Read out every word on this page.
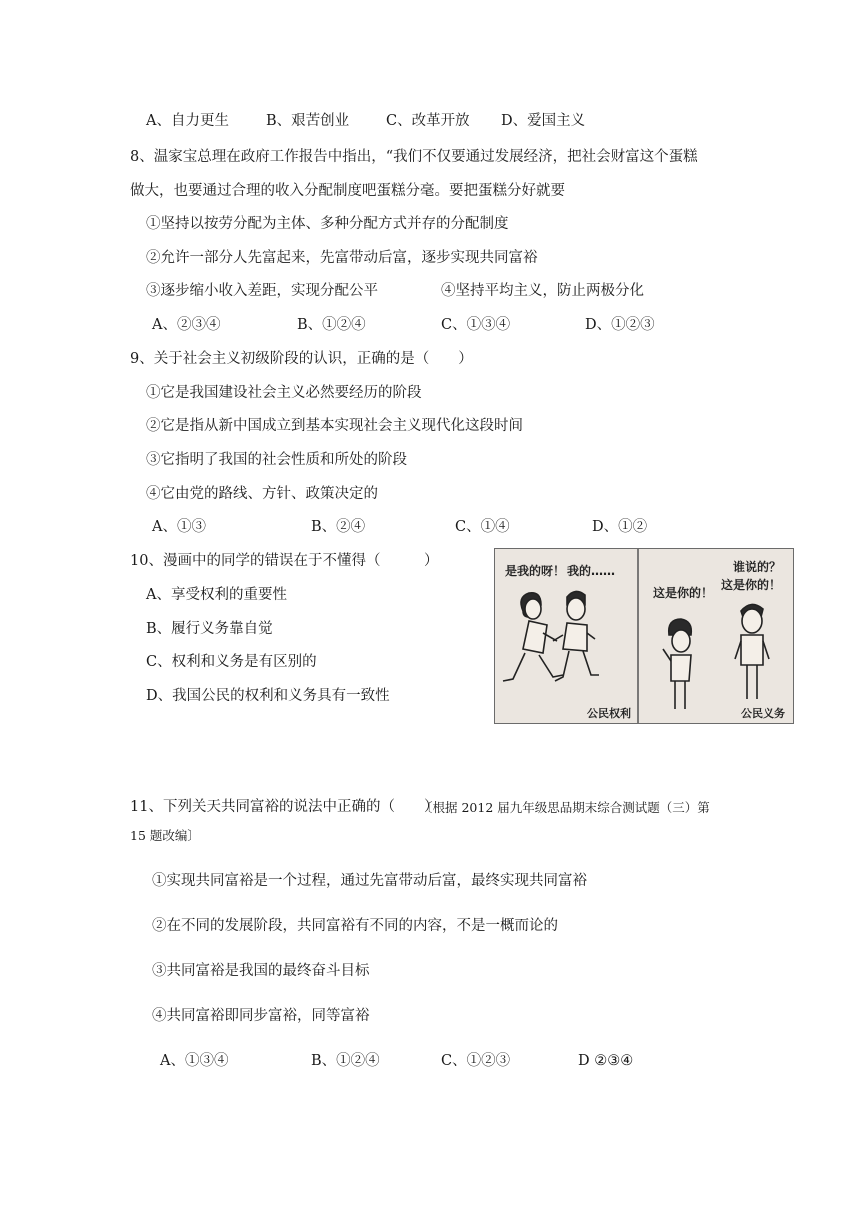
A、自力更生	B、艰苦创业	C、改革开放 D、爱国主义
8、温家宝总理在政府工作报告中指出，“我们不仅要通过发展经济，把社会财富这个蛋糕
做大，也要通过合理的收入分配制度吧蛋糕分毫。要把蛋糕分好就要
①坚持以按劳分配为主体、多种分配方式并存的分配制度
②允许一部分人先富起来，先富带动后富，逐步实现共同富裕
③逐步缩小收入差距，实现分配公平	④坚持平均主义，防止两极分化
A、②③④	B、①②④	C、①③④	D、①②③
9、关于社会主义初级阶段的认识，正确的是（　　）
①它是我国建设社会主义必然要经历的阶段
②它是指从新中国成立到基本实现社会主义现代化这段时间
③它指明了我国的社会性质和所处的阶段
④它由党的路线、方针、政策决定的
A、①③	B、②④	C、①④	D、①②
10、漫画中的同学的错误在于不懂得（　　　）
A、享受权利的重要性
B、履行义务靠自觉
C、权利和义务是有区别的
D、我国公民的权利和义务具有一致性
是我的呀！ 我的……
公民权利
这是你的！
谁说的？
这是你的！
公民义务
11、下列关天共同富裕的说法中正确的（　　）
〔根据 2012 届九年级思品期末综合测试题（三）第
15 题改编〕
①实现共同富裕是一个过程，通过先富带动后富，最终实现共同富裕
②在不同的发展阶段，共同富裕有不同的内容，不是一概而论的
③共同富裕是我国的最终奋斗目标
④共同富裕即同步富裕，同等富裕
A、①③④	B、①②④	C、①②③	D ②③④
